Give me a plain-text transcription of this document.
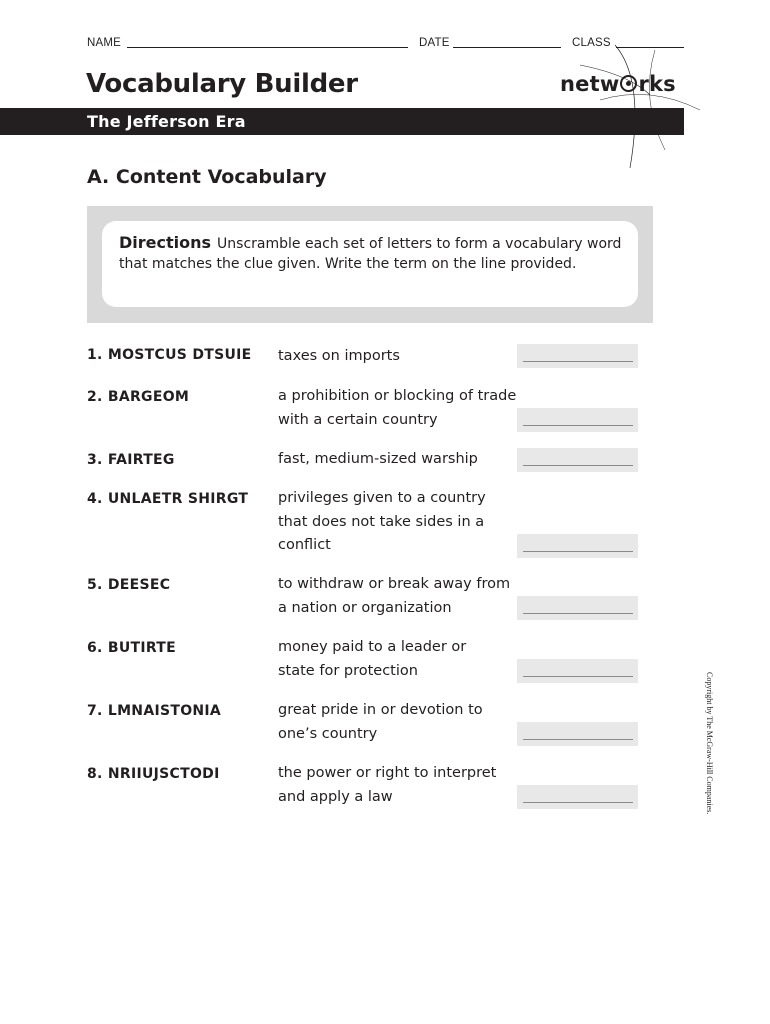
NAME	DATE	CLASS
Vocabulary Builder	netw rks
The Jefferson Era
A. Content Vocabulary
Directions Unscramble each set of letters to form a vocabulary word that matches the clue given. Write the term on the line provided.
1. MOSTCUS DTSUIE taxes on imports
2. BARGEOM	a prohibition or blocking of trade with a certain country
3. FAIRTEG	fast, medium-sized warship
4. UNLAETR SHIRGT privileges given to a country that does not take sides in a conflict
5. DEESEC	to withdraw or break away from a nation or organization
6. BUTIRTE	money paid to a leader or state for protection
7. LMNAISTONIA	great pride in or devotion to one’s country
8. NRIIUJSCTODI	the power or right to interpret and apply a law	Copyright by The McGraw-Hill Companies.
